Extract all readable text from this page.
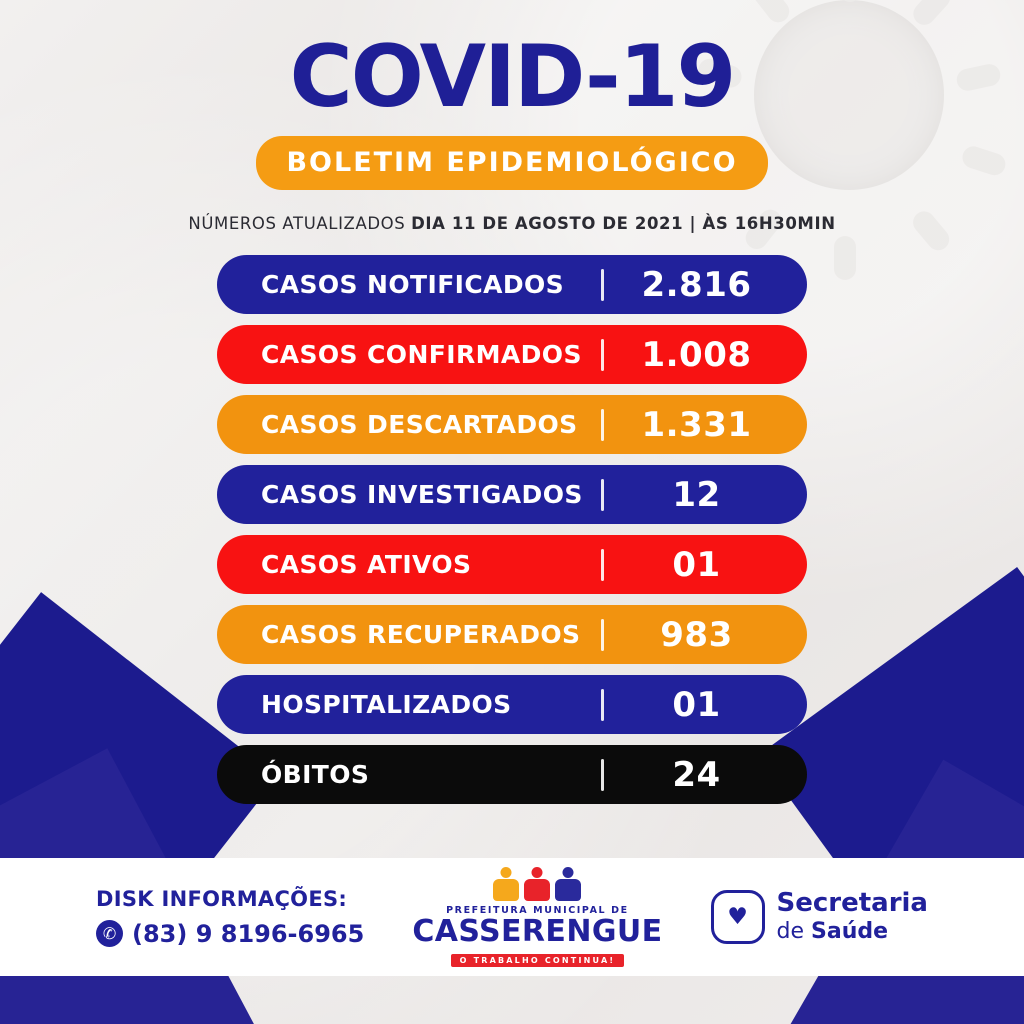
COVID-19
BOLETIM EPIDEMIOLÓGICO
NÚMEROS ATUALIZADOS DIA 11 DE AGOSTO DE 2021 | ÀS 16H30MIN
CASOS NOTIFICADOS	2.816
CASOS CONFIRMADOS	1.008
CASOS DESCARTADOS	1.331
CASOS INVESTIGADOS	12
CASOS ATIVOS	01
CASOS RECUPERADOS	983
HOSPITALIZADOS	01
ÓBITOS	24
DISK INFORMAÇÕES:
✆ (83) 9 8196-6965
PREFEITURA MUNICIPAL DE
CASSERENGUE
O TRABALHO CONTINUA!
♥ Secretaria
de Saúde
